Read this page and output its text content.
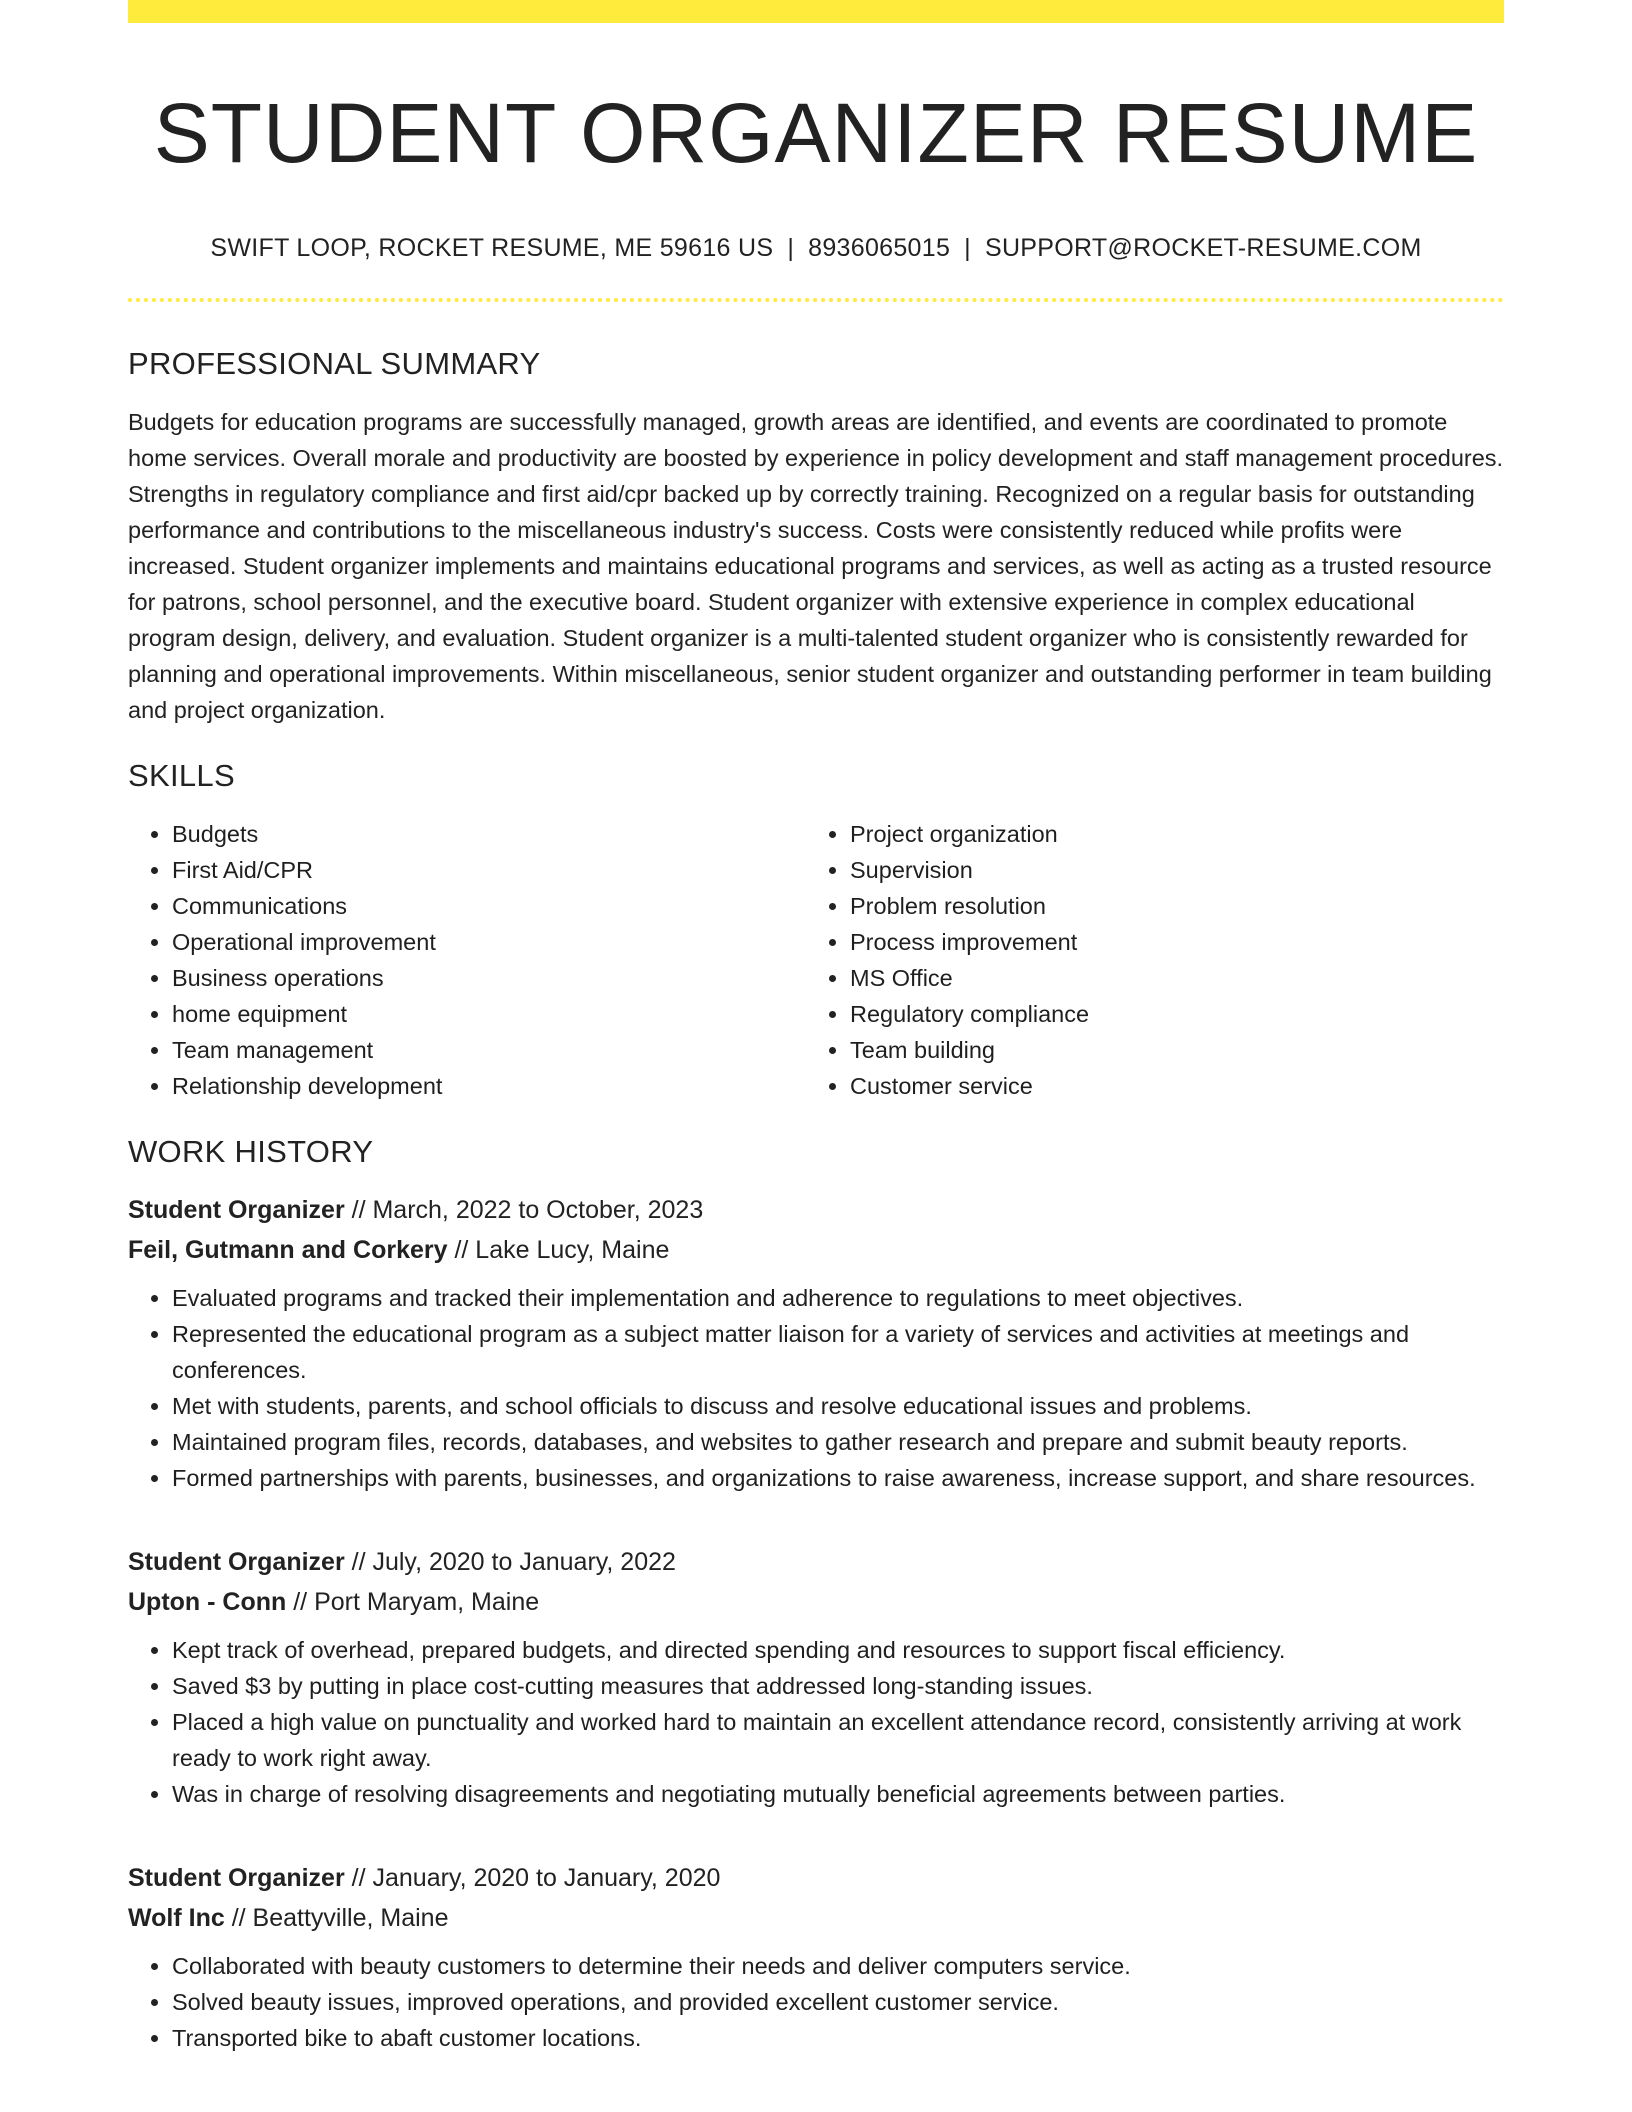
STUDENT ORGANIZER RESUME
SWIFT LOOP, ROCKET RESUME, ME 59616 US | 8936065015 | SUPPORT@ROCKET-RESUME.COM
PROFESSIONAL SUMMARY

Budgets for education programs are successfully managed, growth areas are identified, and events are coordinated to promote home services. Overall morale and productivity are boosted by experience in policy development and staff management procedures. Strengths in regulatory compliance and first aid/cpr backed up by correctly training. Recognized on a regular basis for outstanding performance and contributions to the miscellaneous industry's success. Costs were consistently reduced while profits were increased. Student organizer implements and maintains educational programs and services, as well as acting as a trusted resource for patrons, school personnel, and the executive board. Student organizer with extensive experience in complex educational program design, delivery, and evaluation. Student organizer is a multi-talented student organizer who is consistently rewarded for planning and operational improvements. Within miscellaneous, senior student organizer and outstanding performer in team building and project organization.

SKILLS
• Budgets
• First Aid/CPR
• Communications
• Operational improvement
• Business operations
• home equipment
• Team management
• Relationship development
• Project organization
• Supervision
• Problem resolution
• Process improvement
• MS Office
• Regulatory compliance
• Team building
• Customer service
WORK HISTORY
Student Organizer // March, 2022 to October, 2023
Feil, Gutmann and Corkery // Lake Lucy, Maine
• Evaluated programs and tracked their implementation and adherence to regulations to meet objectives.
• Represented the educational program as a subject matter liaison for a variety of services and activities at meetings and conferences.
• Met with students, parents, and school officials to discuss and resolve educational issues and problems.
• Maintained program files, records, databases, and websites to gather research and prepare and submit beauty reports.
• Formed partnerships with parents, businesses, and organizations to raise awareness, increase support, and share resources.
Student Organizer // July, 2020 to January, 2022
Upton - Conn // Port Maryam, Maine
• Kept track of overhead, prepared budgets, and directed spending and resources to support fiscal efficiency.
• Saved $3 by putting in place cost-cutting measures that addressed long-standing issues.
• Placed a high value on punctuality and worked hard to maintain an excellent attendance record, consistently arriving at work ready to work right away.
• Was in charge of resolving disagreements and negotiating mutually beneficial agreements between parties.
Student Organizer // January, 2020 to January, 2020
Wolf Inc // Beattyville, Maine
• Collaborated with beauty customers to determine their needs and deliver computers service.
• Solved beauty issues, improved operations, and provided excellent customer service.
• Transported bike to abaft customer locations.
